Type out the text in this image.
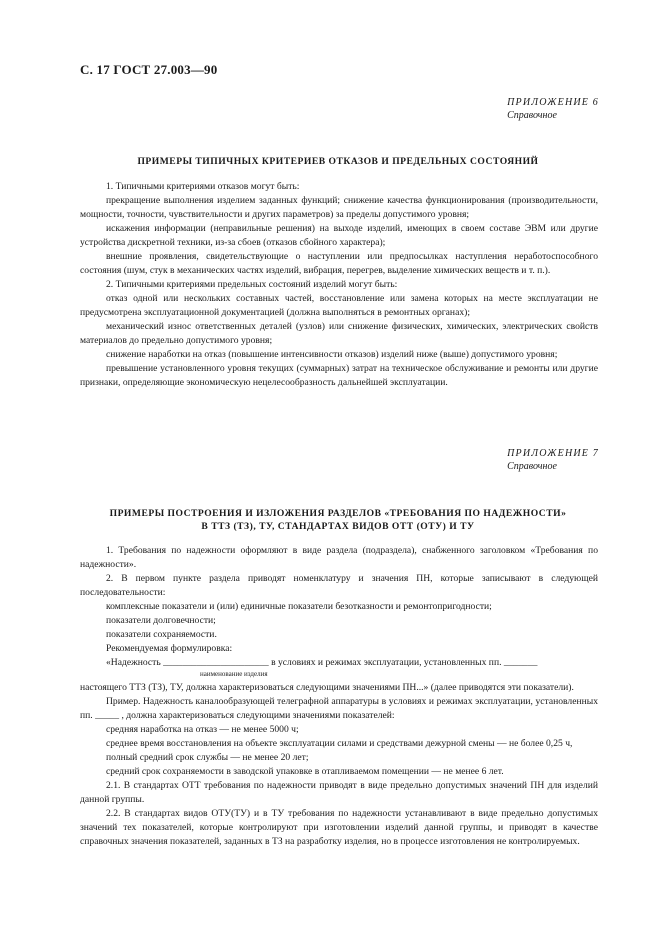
С. 17 ГОСТ 27.003—90
ПРИЛОЖЕНИЕ 6
Справочное
ПРИМЕРЫ ТИПИЧНЫХ КРИТЕРИЕВ ОТКАЗОВ И ПРЕДЕЛЬНЫХ СОСТОЯНИЙ

1. Типичными критериями отказов могут быть:

прекращение выполнения изделием заданных функций; снижение качества функционирования (производительности, мощности, точности, чувствительности и других параметров) за пределы допустимого уровня;

искажения информации (неправильные решения) на выходе изделий, имеющих в своем составе ЭВМ или другие устройства дискретной техники, из-за сбоев (отказов сбойного характера);

внешние проявления, свидетельствующие о наступлении или предпосылках наступления неработоспособного состояния (шум, стук в механических частях изделий, вибрация, перегрев, выделение химических веществ и т. п.).

2. Типичными критериями предельных состояний изделий могут быть:

отказ одной или нескольких составных частей, восстановление или замена которых на месте эксплуатации не предусмотрена эксплуатационной документацией (должна выполняться в ремонтных органах);

механический износ ответственных деталей (узлов) или снижение физических, химических, электрических свойств материалов до предельно допустимого уровня;

снижение наработки на отказ (повышение интенсивности отказов) изделий ниже (выше) допустимого уровня;

превышение установленного уровня текущих (суммарных) затрат на техническое обслуживание и ремонты или другие признаки, определяющие экономическую нецелесообразность дальнейшей эксплуатации.

ПРИЛОЖЕНИЕ 7
Справочное
ПРИМЕРЫ ПОСТРОЕНИЯ И ИЗЛОЖЕНИЯ РАЗДЕЛОВ «ТРЕБОВАНИЯ ПО НАДЕЖНОСТИ»
В ТТЗ (ТЗ), ТУ, СТАНДАРТАХ ВИДОВ ОТТ (ОТУ) И ТУ

1. Требования по надежности оформляют в виде раздела (подраздела), снабженного заголовком «Требования по надежности».

2. В первом пункте раздела приводят номенклатуру и значения ПН, которые записывают в следующей последовательности:

комплексные показатели и (или) единичные показатели безотказности и ремонтопригодности;

показатели долговечности;

показатели сохраняемости.

Рекомендуемая формулировка:

«Надежность ______________________ в условиях и режимах эксплуатации, установленных пп. _______

наименование изделия

настоящего ТТЗ (ТЗ), ТУ, должна характеризоваться следующими значениями ПН...» (далее приводятся эти показатели).

Пример. Надежность каналообразующей телеграфной аппаратуры в условиях и режимах эксплуатации, установленных пп. _____ , должна характеризоваться следующими значениями показателей:

средняя наработка на отказ — не менее 5000 ч;

среднее время восстановления на объекте эксплуатации силами и средствами дежурной смены — не более 0,25 ч,

полный средний срок службы — не менее 20 лет;

средний срок сохраняемости в заводской упаковке в отапливаемом помещении — не менее 6 лет.

2.1. В стандартах ОТТ требования по надежности приводят в виде предельно допустимых значений ПН для изделий данной группы.

2.2. В стандартах видов ОТУ(ТУ) и в ТУ требования по надежности устанавливают в виде предельно допустимых значений тех показателей, которые контролируют при изготовлении изделий данной группы, и приводят в качестве справочных значения показателей, заданных в ТЗ на разработку изделия, но в процессе изготовления не контролируемых.
